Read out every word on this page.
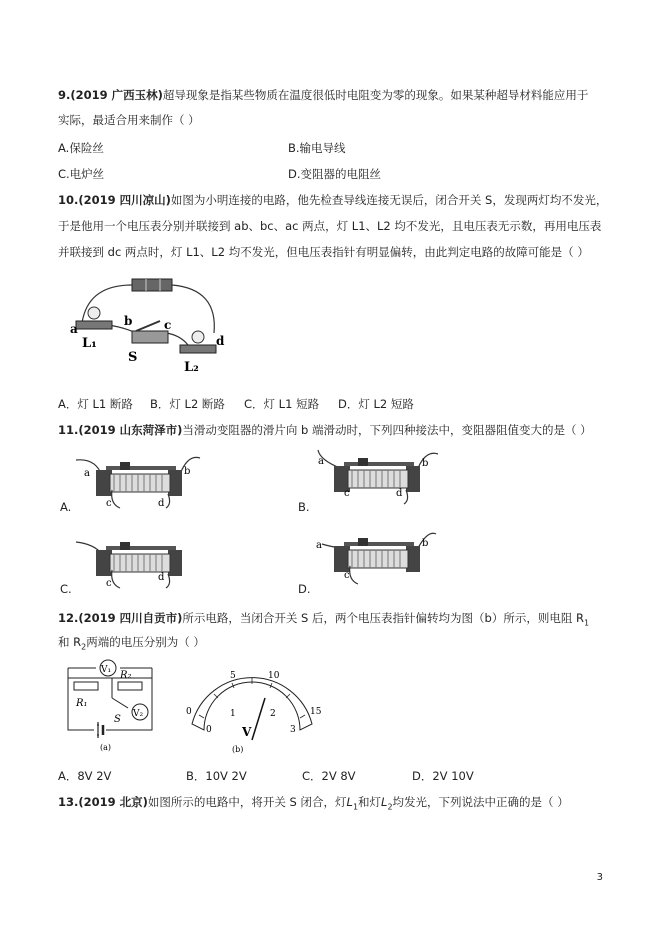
9.(2019 广西玉林)超导现象是指某些物质在温度很低时电阻变为零的现象。如果某种超导材料能应用于
实际，最适合用来制作（ ）
A.保险丝	B.输电导线
C.电炉丝	D.变阻器的电阻丝
10.(2019 四川凉山)如图为小明连接的电路，他先检查导线连接无误后，闭合开关 S，发现两灯均不发光，
于是他用一个电压表分别并联接到 ab、bc、ac 两点，灯 L1、L2 均不发光，且电压表无示数，再用电压表
并联接到 dc 两点时，灯 L1、L2 均不发光，但电压表指针有明显偏转，由此判定电路的故障可能是（ ）
a
b	c
d
L₁
S
L₂
A．灯 L1 断路 B．灯 L2 断路 C．灯 L1 短路 D．灯 L2 短路
11.(2019 山东菏泽市)当滑动变阻器的滑片向 b 端滑动时，下列四种接法中，变阻器阻值变大的是（ ）
a	b
c	d
A.
a	b
c	d
B.
c
d
C.
a	b
c
D.
12.(2019 四川自贡市)所示电路，当闭合开关 S 后，两个电压表指针偏转均为图（b）所示，则电阻 $R_1$
和 $R_2$两端的电压分别为（ ）
V₁
R₁
R₂
V₂
S
(a)
0
5	10
15
0
1	2
3
V
(b)
A．8V 2V	B．10V 2V	C．2V 8V	D．2V 10V
13.(2019 北京)如图所示的电路中，将开关 S 闭合，灯$L_1$和灯$L_2$均发光，下列说法中正确的是（ ）
3
